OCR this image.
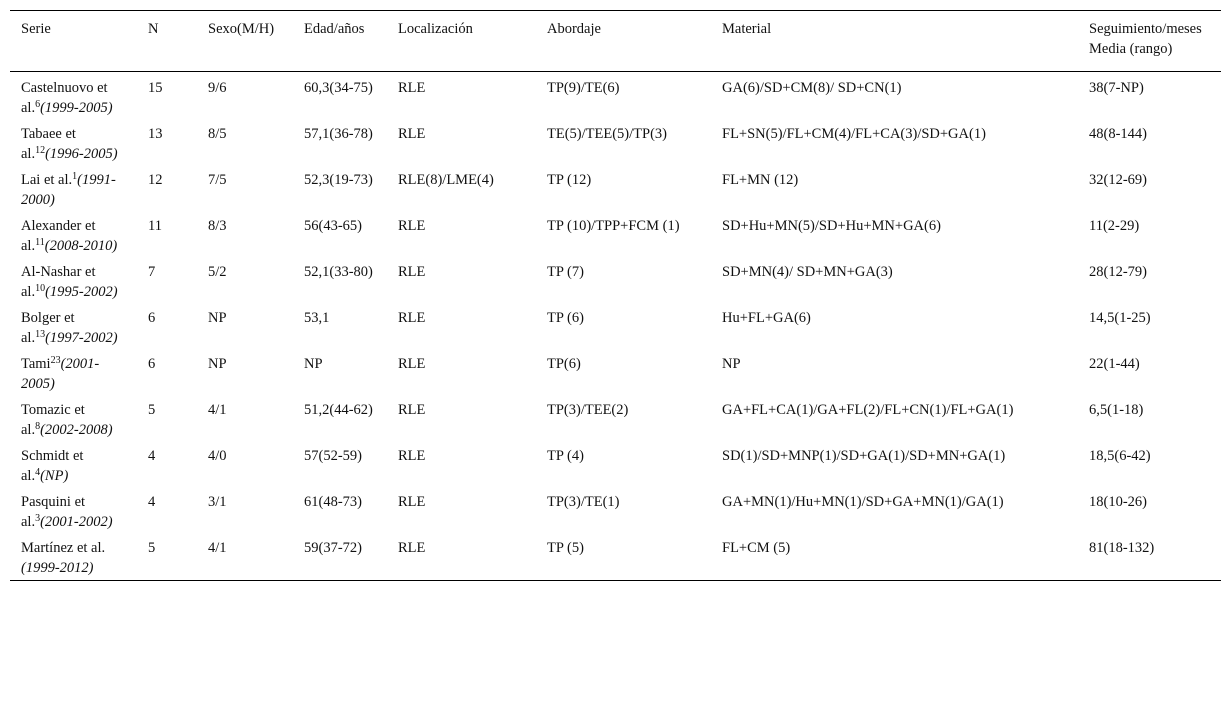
Serie	N	Sexo(M/H)	Edad/años	Localización	Abordaje	Material	Seguimiento/meses
Media (rango)

Castelnuovo et al.$^6$(1999-2005)	15	9/6	60,3(34-75)	RLE	TP(9)/TE(6)	GA(6)/SD+CM(8)/ SD+CN(1)	38(7-NP)
Tabaee et al.$^{12}$(1996-2005)	13	8/5	57,1(36-78)	RLE	TE(5)/TEE(5)/TP(3)	FL+SN(5)/FL+CM(4)/FL+CA(3)/SD+GA(1)	48(8-144)
Lai et al.$^1$(1991-2000)	12	7/5	52,3(19-73)	RLE(8)/LME(4)	TP (12)	FL+MN (12)	32(12-69)
Alexander et al.$^{11}$(2008-2010)	11	8/3	56(43-65)	RLE	TP (10)/TPP+FCM (1)	SD+Hu+MN(5)/SD+Hu+MN+GA(6)	11(2-29)
Al-Nashar et al.$^{10}$(1995-2002)	7	5/2	52,1(33-80)	RLE	TP (7)	SD+MN(4)/ SD+MN+GA(3)	28(12-79)
Bolger et al.$^{13}$(1997-2002)	6	NP	53,1	RLE	TP (6)	Hu+FL+GA(6)	14,5(1-25)
Tami$^{23}$(2001-2005)	6	NP	NP	RLE	TP(6)	NP	22(1-44)
Tomazic et al.$^8$(2002-2008)	5	4/1	51,2(44-62)	RLE	TP(3)/TEE(2)	GA+FL+CA(1)/GA+FL(2)/FL+CN(1)/FL+GA(1)	6,5(1-18)
Schmidt et al.$^4$(NP)	4	4/0	57(52-59)	RLE	TP (4)	SD(1)/SD+MNP(1)/SD+GA(1)/SD+MN+GA(1)	18,5(6-42)
Pasquini et al.$^3$(2001-2002)	4	3/1	61(48-73)	RLE	TP(3)/TE(1)	GA+MN(1)/Hu+MN(1)/SD+GA+MN(1)/GA(1)	18(10-26)
Martínez et al. (1999-2012)	5	4/1	59(37-72)	RLE	TP (5)	FL+CM (5)	81(18-132)
